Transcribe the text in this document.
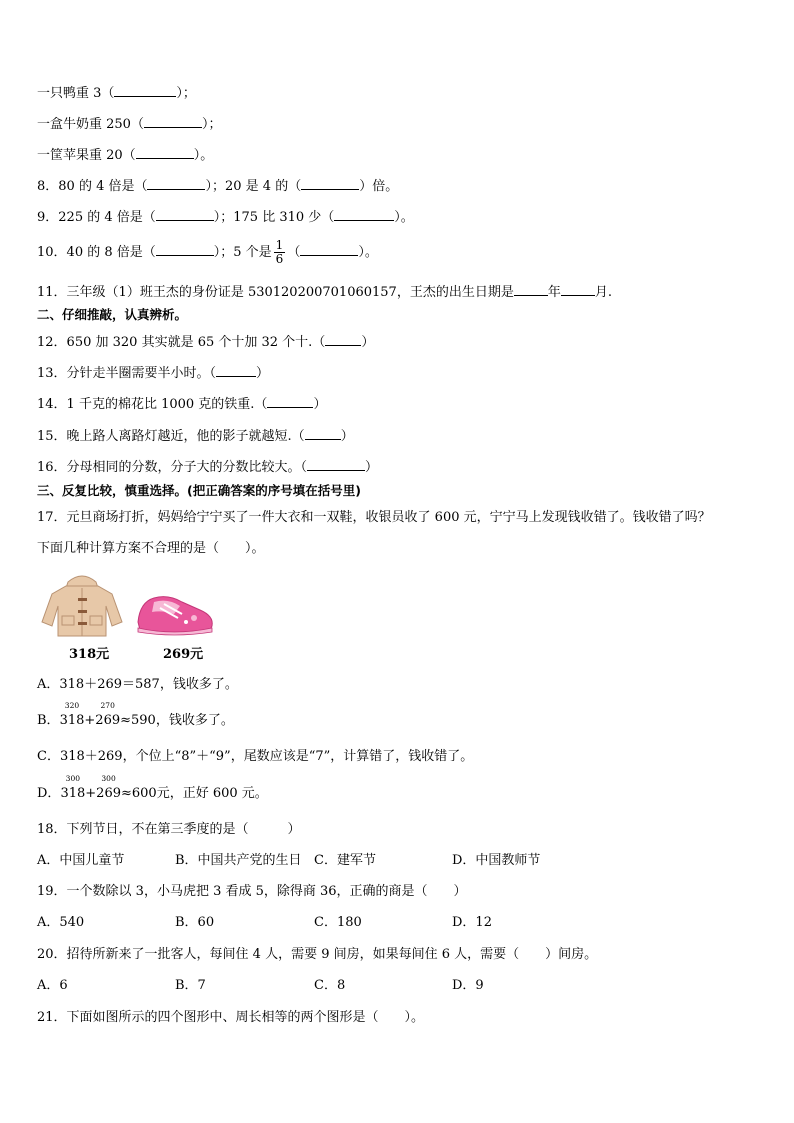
一只鸭重 3（	）；
一盒牛奶重 250（	）；
一筐苹果重 20（	）。
8．80 的 4 倍是（	）；20 是 4 的（	）倍。
9．225 的 4 倍是（	）；175 比 310 少（	）。
10．40 的 8 倍是（	）；5 个是 $\frac{1}{6}$ （	）。
11．三年级（1）班王杰的身份证是 530120200701060157，王杰的出生日期是	年	月.
二、仔细推敲，认真辨析。
12．650 加 320 其实就是 65 个十加 32 个十.（	）
13．分针走半圈需要半小时。（	）
14．1 千克的棉花比 1000 克的铁重.（	）
15．晚上路人离路灯越近，他的影子就越短.（	）
16．分母相同的分数，分子大的分数比较大。（	）
三、反复比较，慎重选择。(把正确答案的序号填在括号里)
17．元旦商场打折，妈妈给宁宁买了一件大衣和一双鞋，收银员收了 600 元，宁宁马上发现钱收错了。钱收错了吗？
下面几种计算方案不合理的是（　　）。
318元	269元
A．318＋269＝587，钱收多了。
B．
320
318+
270
269≈590，钱收多了。
C．318＋269，个位上“8”＋“9”，尾数应该是“7”，计算错了，钱收错了。
D．
300
318+
300
269≈600元，正好 600 元。
18．下列节日，不在第三季度的是（　　　）
A．中国儿童节	B．中国共产党的生日 C．建军节	D．中国教师节
19．一个数除以 3，小马虎把 3 看成 5，除得商 36，正确的商是（　　）
A．540	B．60	C．180	D．12
20．招待所新来了一批客人，每间住 4 人，需要 9 间房，如果每间住 6 人，需要（　　）间房。
A．6	B．7	C．8	D．9
21．下面如图所示的四个图形中、周长相等的两个图形是（　　）。
